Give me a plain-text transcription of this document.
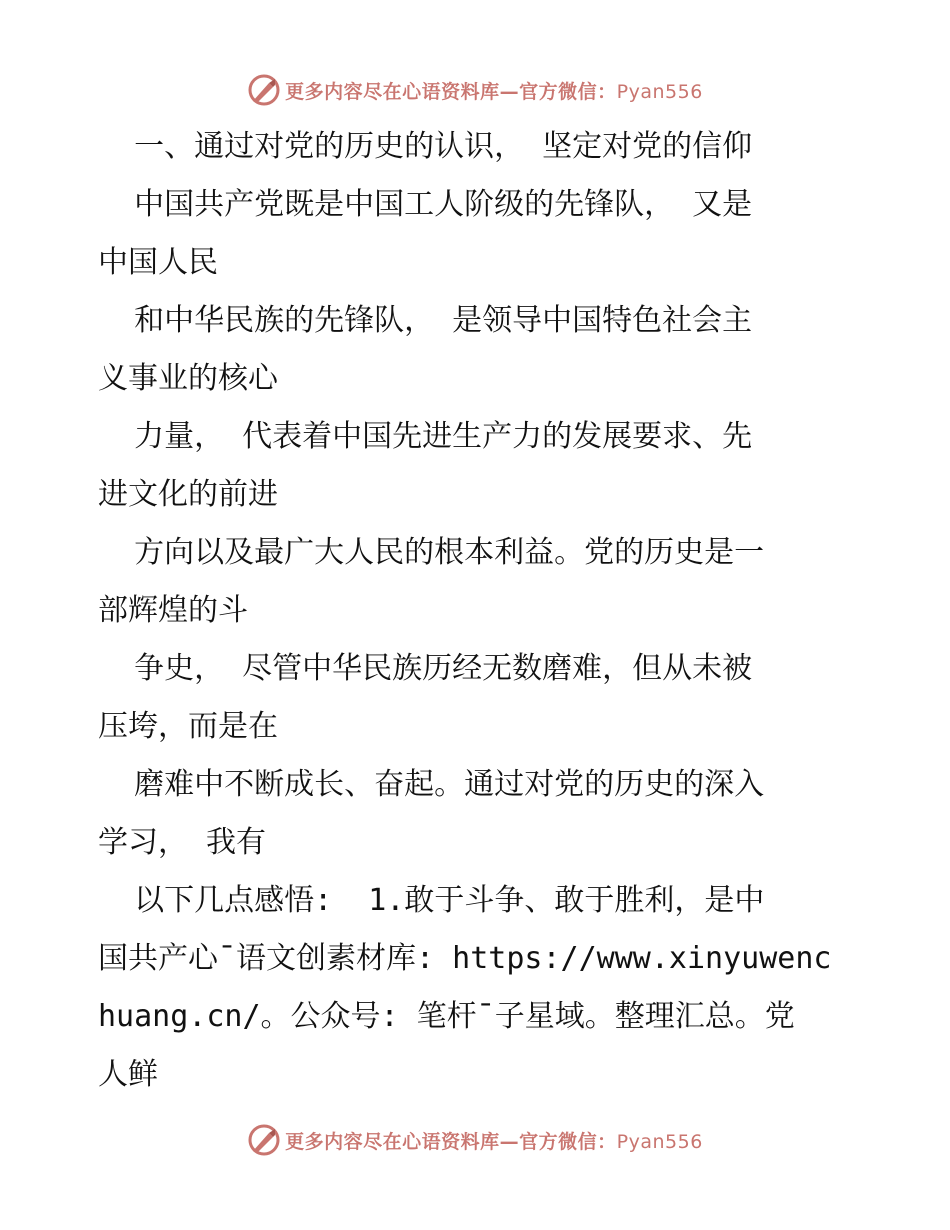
更多内容尽在心语资料库—官方微信：Pyan556
一、通过对党的历史的认识， 坚定对党的信仰
中国共产党既是中国工人阶级的先锋队， 又是
中国人民
和中华民族的先锋队， 是领导中国特色社会主
义事业的核心
力量， 代表着中国先进生产力的发展要求、先
进文化的前进
方向以及最广大人民的根本利益。党的历史是一
部辉煌的斗
争史， 尽管中华民族历经无数磨难，但从未被
压垮，而是在
磨难中不断成长、奋起。通过对党的历史的深入
学习， 我有
以下几点感悟:  1.敢于斗争、敢于胜利，是中
国共产心¯语文创素材库: https://www.xinyuwenc
huang.cn/。公众号: 笔杆¯子星域。整理汇总。党
人鲜
更多内容尽在心语资料库—官方微信：Pyan556
